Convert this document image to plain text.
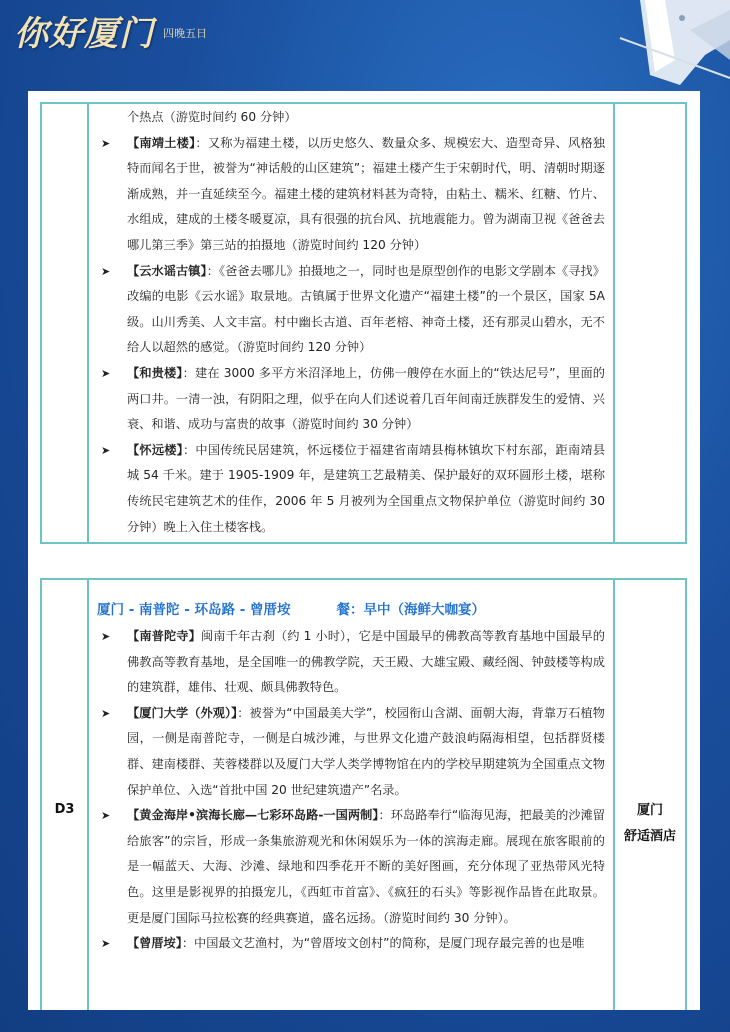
你好厦门 四晚五日
个热点（游览时间约 60 分钟）
➤ 【南靖土楼】：又称为福建土楼，以历史悠久、数量众多、规模宏大、造型奇异、风格独特而闻名于世，被誉为“神话般的山区建筑”；福建土楼产生于宋朝时代，明、清朝时期逐渐成熟，并一直延续至今。福建土楼的建筑材料甚为奇特，由粘土、糯米、红糖、竹片、水组成，建成的土楼冬暖夏凉，具有很强的抗台风、抗地震能力。曾为湖南卫视《爸爸去哪儿第三季》第三站的拍摄地（游览时间约 120 分钟）
➤ 【云水谣古镇】：《爸爸去哪儿》拍摄地之一，同时也是原型创作的电影文学剧本《寻找》改编的电影《云水谣》取景地。古镇属于世界文化遗产“福建土楼”的一个景区，国家 5A 级。山川秀美、人文丰富。村中幽长古道、百年老榕、神奇土楼，还有那灵山碧水，无不给人以超然的感觉。（游览时间约 120 分钟）
➤ 【和贵楼】：建在 3000 多平方米沼泽地上，仿佛一艘停在水面上的“铁达尼号”，里面的两口井。一清一浊，有阴阳之理，似乎在向人们述说着几百年间南迁族群发生的爱情、兴衰、和谐、成功与富贵的故事（游览时间约 30 分钟）
➤ 【怀远楼】：中国传统民居建筑，怀远楼位于福建省南靖县梅林镇坎下村东部，距南靖县城 54 千米。建于 1905-1909 年，是建筑工艺最精美、保护最好的双环圆形土楼，堪称传统民宅建筑艺术的佳作，2006 年 5 月被列为全国重点文物保护单位（游览时间约 30 分钟）晚上入住土楼客栈。
D3
厦门 - 南普陀 - 环岛路 - 曾厝垵	餐：早中（海鲜大咖宴）
➤ 【南普陀寺】闽南千年古刹（约 1 小时），它是中国最早的佛教高等教育基地中国最早的佛教高等教育基地，是全国唯一的佛教学院，天王殿、大雄宝殿、藏经阁、钟鼓楼等构成的建筑群，雄伟、壮观、颇具佛教特色。
➤ 【厦门大学（外观）】：被誉为“中国最美大学”，校园衔山含湖、面朝大海，背靠万石植物园，一侧是南普陀寺，一侧是白城沙滩，与世界文化遗产鼓浪屿隔海相望，包括群贤楼群、建南楼群、芙蓉楼群以及厦门大学人类学博物馆在内的学校早期建筑为全国重点文物保护单位、入选“首批中国 20 世纪建筑遗产”名录。
➤ 【黄金海岸•滨海长廊—七彩环岛路-一国两制】：环岛路奉行“临海见海，把最美的沙滩留给旅客”的宗旨，形成一条集旅游观光和休闲娱乐为一体的滨海走廊。展现在旅客眼前的是一幅蓝天、大海、沙滩、绿地和四季花开不断的美好图画，充分体现了亚热带风光特色。这里是影视界的拍摄宠儿，《西虹市首富》、《疯狂的石头》等影视作品皆在此取景。更是厦门国际马拉松赛的经典赛道，盛名远扬。（游览时间约 30 分钟）。
➤ 【曾厝垵】：中国最文艺渔村，为“曾厝垵文创村”的简称，是厦门现存最完善的也是唯
厦门
舒适酒店
